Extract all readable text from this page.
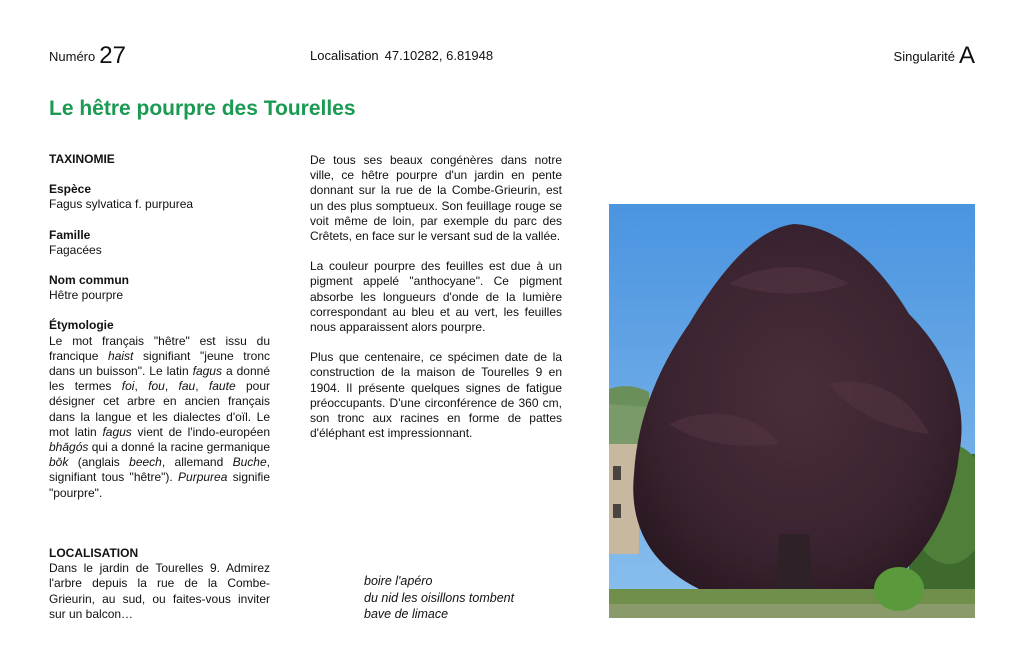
Numéro 27	Localisation 47.10282, 6.81948	Singularité A
Le hêtre pourpre des Tourelles
TAXINOMIE
Espèce
Fagus sylvatica f. purpurea
Famille
Fagacées
Nom commun
Hêtre pourpre
Étymologie

Le mot français "hêtre" est issu du francique haist signifiant "jeune tronc dans un buisson". Le latin fagus a donné les termes foi, fou, fau, faute pour désigner cet arbre en ancien français dans la langue et les dialectes d'oïl. Le mot latin fagus vient de l'indo-européen bhāgós qui a donné la racine germanique bōk (anglais beech, allemand Buche, signifiant tous "hêtre"). Purpurea signifie "pourpre".

De tous ses beaux congénères dans notre ville, ce hêtre pourpre d'un jardin en pente donnant sur la rue de la Combe-Grieurin, est un des plus somptueux. Son feuillage rouge se voit même de loin, par exemple du parc des Crêtets, en face sur le versant sud de la vallée.

La couleur pourpre des feuilles est due à un pigment appelé "anthocyane". Ce pigment absorbe les longueurs d'onde de la lumière correspondant au bleu et au vert, les feuilles nous apparaissent alors pourpre.

Plus que centenaire, ce spécimen date de la construction de la maison de Tourelles 9 en 1904. Il présente quelques signes de fatigue préoccupants. D'une circonférence de 360 cm, son tronc aux racines en forme de pattes d'éléphant est impressionnant.

LOCALISATION

Dans le jardin de Tourelles 9. Admirez l'arbre depuis la rue de la Combe-Grieurin, au sud, ou faites-vous inviter sur un balcon…

boire l'apéro
du nid les oisillons tombent
bave de limace
